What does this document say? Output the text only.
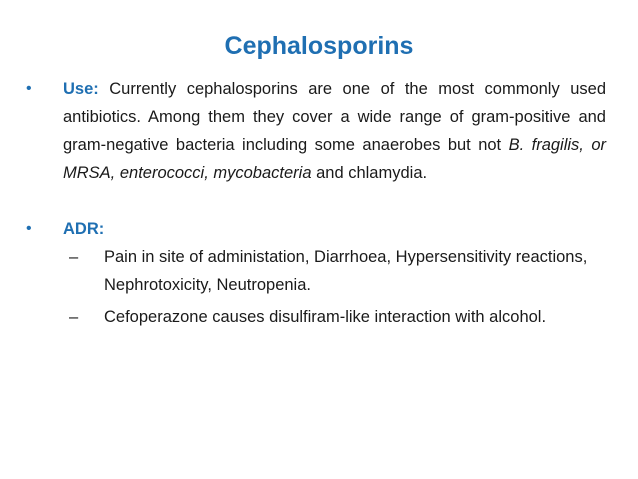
Cephalosporins
• Use: Currently cephalosporins are one of the most commonly used antibiotics. Among them they cover a wide range of gram-positive and gram-negative bacteria including some anaerobes but not B. fragilis, or MRSA, enterococci, mycobacteria and chlamydia.
• ADR:
– Pain in site of administation, Diarrhoea, Hypersensitivity reactions, Nephrotoxicity, Neutropenia.
– Cefoperazone causes disulfiram-like interaction with alcohol.
